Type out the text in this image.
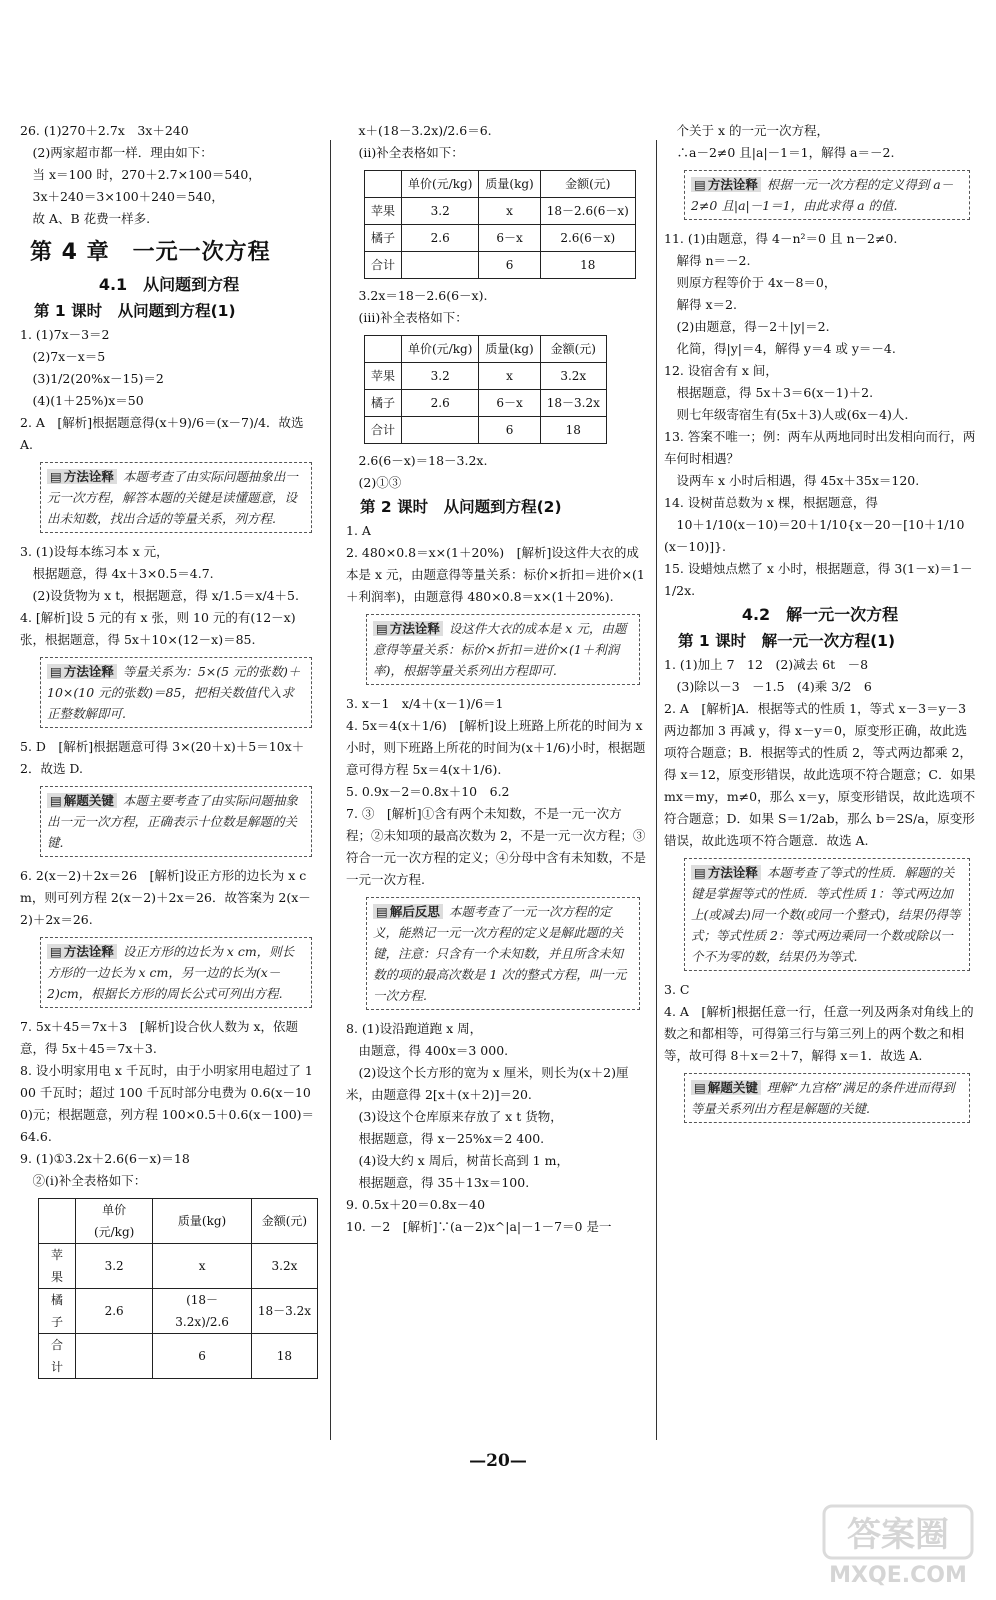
26. (1)270＋2.7x　3x＋240
　(2)两家超市都一样．理由如下：
　当 x＝100 时，270＋2.7×100＝540，
　3x＋240＝3×100＋240＝540，
　故 A、B 花费一样多.
第 4 章　一元一次方程
4.1　从问题到方程
第 1 课时　从问题到方程(1)
1. (1)7x－3＝2
　(2)7x－x＝5
　(3)1/2(20%x－15)＝2
　(4)(1＋25%)x＝50
2. A　[解析]根据题意得(x＋9)/6＝(x－7)/4．故选 A.
▤ 方法诠释 本题考查了由实际问题抽象出一元一次方程，解答本题的关键是读懂题意，设出未知数，找出合适的等量关系，列方程.
3. (1)设每本练习本 x 元，
　根据题意，得 4x＋3×0.5＝4.7.
　(2)设货物为 x t，根据题意，得 x/1.5＝x/4＋5.
4. [解析]设 5 元的有 x 张，则 10 元的有(12－x)张，根据题意，得 5x＋10×(12－x)＝85.
▤ 方法诠释 等量关系为：5×(5 元的张数)＋10×(10 元的张数)＝85，把相关数值代入求正整数解即可.
5. D　[解析]根据题意可得 3×(20＋x)＋5＝10x＋2．故选 D.
▤ 解题关键 本题主要考查了由实际问题抽象出一元一次方程，正确表示十位数是解题的关键.
6. 2(x－2)＋2x＝26　[解析]设正方形的边长为 x cm，则可列方程 2(x－2)＋2x＝26．故答案为 2(x－2)＋2x＝26.
▤ 方法诠释 设正方形的边长为 x cm，则长方形的一边长为 x cm，另一边的长为(x－2)cm，根据长方形的周长公式可列出方程.
7. 5x＋45＝7x＋3　[解析]设合伙人数为 x，依题意，得 5x＋45＝7x＋3.
8. 设小明家用电 x 千瓦时，由于小明家用电超过了 100 千瓦时；超过 100 千瓦时部分电费为 0.6(x－100)元；根据题意，列方程 100×0.5＋0.6(x－100)＝64.6.
9. (1)①3.2x＋2.6(6－x)＝18
　②(ⅰ)补全表格如下：
	单价(元/kg)	质量(kg)	金额(元)
苹果	3.2	x	3.2x
橘子	2.6	(18－3.2x)/2.6	18－3.2x
合计		6	18
　x＋(18－3.2x)/2.6＝6.
　(ⅱ)补全表格如下：
	单价(元/kg)	质量(kg)	金额(元)
苹果	3.2	x	18－2.6(6－x)
橘子	2.6	6－x	2.6(6－x)
合计		6	18
　3.2x＝18－2.6(6－x).
　(ⅲ)补全表格如下：
	单价(元/kg)	质量(kg)	金额(元)
苹果	3.2	x	3.2x
橘子	2.6	6－x	18－3.2x
合计		6	18
　2.6(6－x)＝18－3.2x.
　(2)①③
第 2 课时　从问题到方程(2)
1. A
2. 480×0.8＝x×(1＋20%)　[解析]设这件大衣的成本是 x 元，由题意得等量关系：标价×折扣＝进价×(1＋利润率)，由题意得 480×0.8＝x×(1＋20%).
▤ 方法诠释 设这件大衣的成本是 x 元，由题意得等量关系：标价×折扣＝进价×(1＋利润率)，根据等量关系列出方程即可.
3. x－1　x/4＋(x－1)/6＝1
4. 5x＝4(x＋1/6)　[解析]设上班路上所花的时间为 x 小时，则下班路上所花的时间为(x＋1/6)小时，根据题意可得方程 5x＝4(x＋1/6).
5. 0.9x－2＝0.8x＋10　6.2
7. ③　[解析]①含有两个未知数，不是一元一次方程；②未知项的最高次数为 2，不是一元一次方程；③符合一元一次方程的定义；④分母中含有未知数，不是一元一次方程.
▤ 解后反思 本题考查了一元一次方程的定义，能熟记一元一次方程的定义是解此题的关键，注意：只含有一个未知数，并且所含未知数的项的最高次数是 1 次的整式方程，叫一元一次方程.
8. (1)设沿跑道跑 x 周，
　由题意，得 400x＝3 000.
　(2)设这个长方形的宽为 x 厘米，则长为(x＋2)厘米，由题意得 2[x＋(x＋2)]＝20.
　(3)设这个仓库原来存放了 x t 货物，
　根据题意，得 x－25%x＝2 400.
　(4)设大约 x 周后，树苗长高到 1 m，
　根据题意，得 35＋13x＝100.
9. 0.5x＋20＝0.8x－40
10. －2　[解析]∵(a－2)x^|a|－1－7＝0 是一
　个关于 x 的一元一次方程，
　∴a－2≠0 且|a|－1＝1，解得 a＝－2.
▤ 方法诠释 根据一元一次方程的定义得到 a－2≠0 且|a|－1＝1，由此求得 a 的值.
11. (1)由题意，得 4－n²＝0 且 n－2≠0.
　解得 n＝－2.
　则原方程等价于 4x－8＝0，
　解得 x＝2.
　(2)由题意，得－2＋|y|＝2.
　化简，得|y|＝4，解得 y＝4 或 y＝－4.
12. 设宿舍有 x 间，
　根据题意，得 5x＋3＝6(x－1)＋2.
　则七年级寄宿生有(5x＋3)人或(6x－4)人.
13. 答案不唯一；例：两车从两地同时出发相向而行，两车何时相遇？
　设两车 x 小时后相遇，得 45x＋35x＝120.
14. 设树苗总数为 x 棵，根据题意，得
　10＋1/10(x－10)＝20＋1/10{x－20－[10＋1/10(x－10)]}.
15. 设蜡烛点燃了 x 小时，根据题意，得 3(1－x)＝1－1/2x.
4.2　解一元一次方程
第 1 课时　解一元一次方程(1)
1. (1)加上 7　12　(2)减去 6t　－8
　(3)除以－3　－1.5　(4)乘 3/2　6
2. A　[解析]A．根据等式的性质 1，等式 x－3＝y－3 两边都加 3 再减 y，得 x－y＝0，原变形正确，故此选项符合题意；B．根据等式的性质 2，等式两边都乘 2，得 x＝12，原变形错误，故此选项不符合题意；C．如果 mx＝my，m≠0，那么 x＝y，原变形错误，故此选项不符合题意；D．如果 S＝1/2ab，那么 b＝2S/a，原变形错误，故此选项不符合题意．故选 A.
▤ 方法诠释 本题考查了等式的性质．解题的关键是掌握等式的性质．等式性质 1：等式两边加上(或减去)同一个数(或同一个整式)，结果仍得等式；等式性质 2：等式两边乘同一个数或除以一个不为零的数，结果仍为等式.
3. C
4. A　[解析]根据任意一行，任意一列及两条对角线上的数之和都相等，可得第三行与第三列上的两个数之和相等，故可得 8＋x＝2＋7，解得 x＝1．故选 A.
▤ 解题关键 理解“九宫格”满足的条件进而得到等量关系列出方程是解题的关键.
—20—
答案圈
MXQE.COM
